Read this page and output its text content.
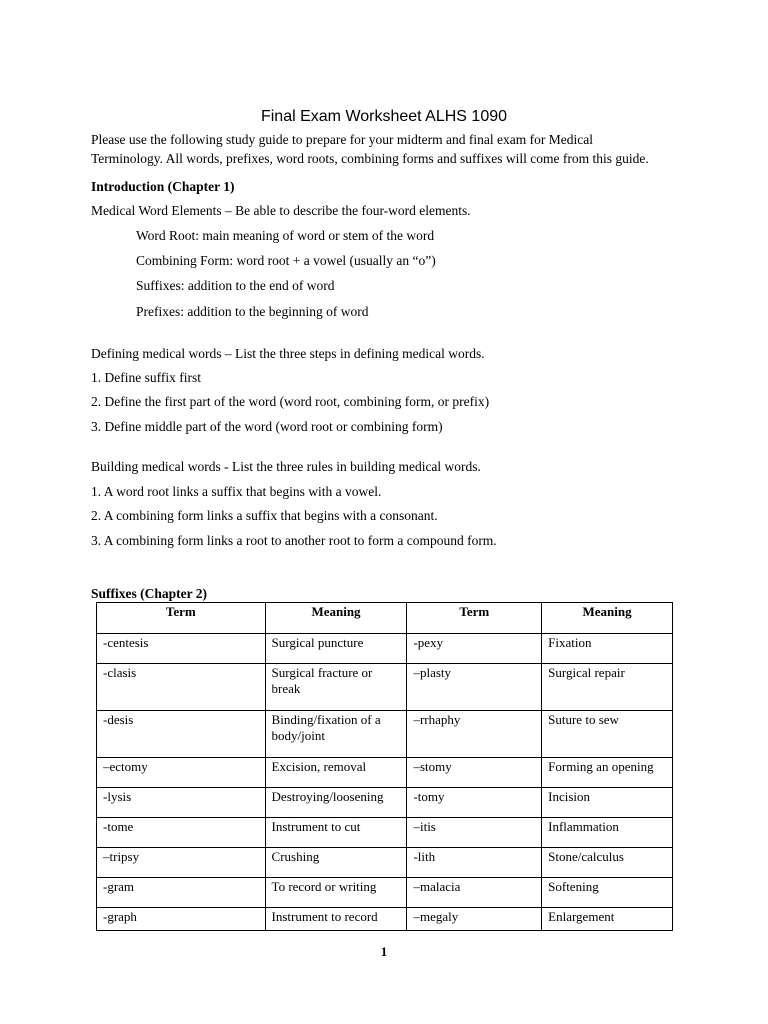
Final Exam Worksheet ALHS 1090
Please use the following study guide to prepare for your midterm and final exam for Medical
Terminology. All words, prefixes, word roots, combining forms and suffixes will come from this guide.
Introduction (Chapter 1)
Medical Word Elements – Be able to describe the four-word elements.
Word Root: main meaning of word or stem of the word
Combining Form: word root + a vowel (usually an “o”)
Suffixes: addition to the end of word
Prefixes: addition to the beginning of word
Defining medical words – List the three steps in defining medical words.
1. Define suffix first
2. Define the first part of the word (word root, combining form, or prefix)
3. Define middle part of the word (word root or combining form)
Building medical words - List the three rules in building medical words.
1. A word root links a suffix that begins with a vowel.
2. A combining form links a suffix that begins with a consonant.
3. A combining form links a root to another root to form a compound form.
Suffixes (Chapter 2)
Term	Meaning	Term	Meaning
-centesis	Surgical puncture	-pexy	Fixation
-clasis	Surgical fracture or break	–plasty	Surgical repair
-desis	Binding/fixation of a body/joint	–rrhaphy	Suture to sew
–ectomy	Excision, removal	–stomy	Forming an opening
-lysis	Destroying/loosening	-tomy	Incision
-tome	Instrument to cut	–itis	Inflammation
–tripsy	Crushing	-lith	Stone/calculus
-gram	To record or writing	–malacia	Softening
-graph	Instrument to record	–megaly	Enlargement
1
